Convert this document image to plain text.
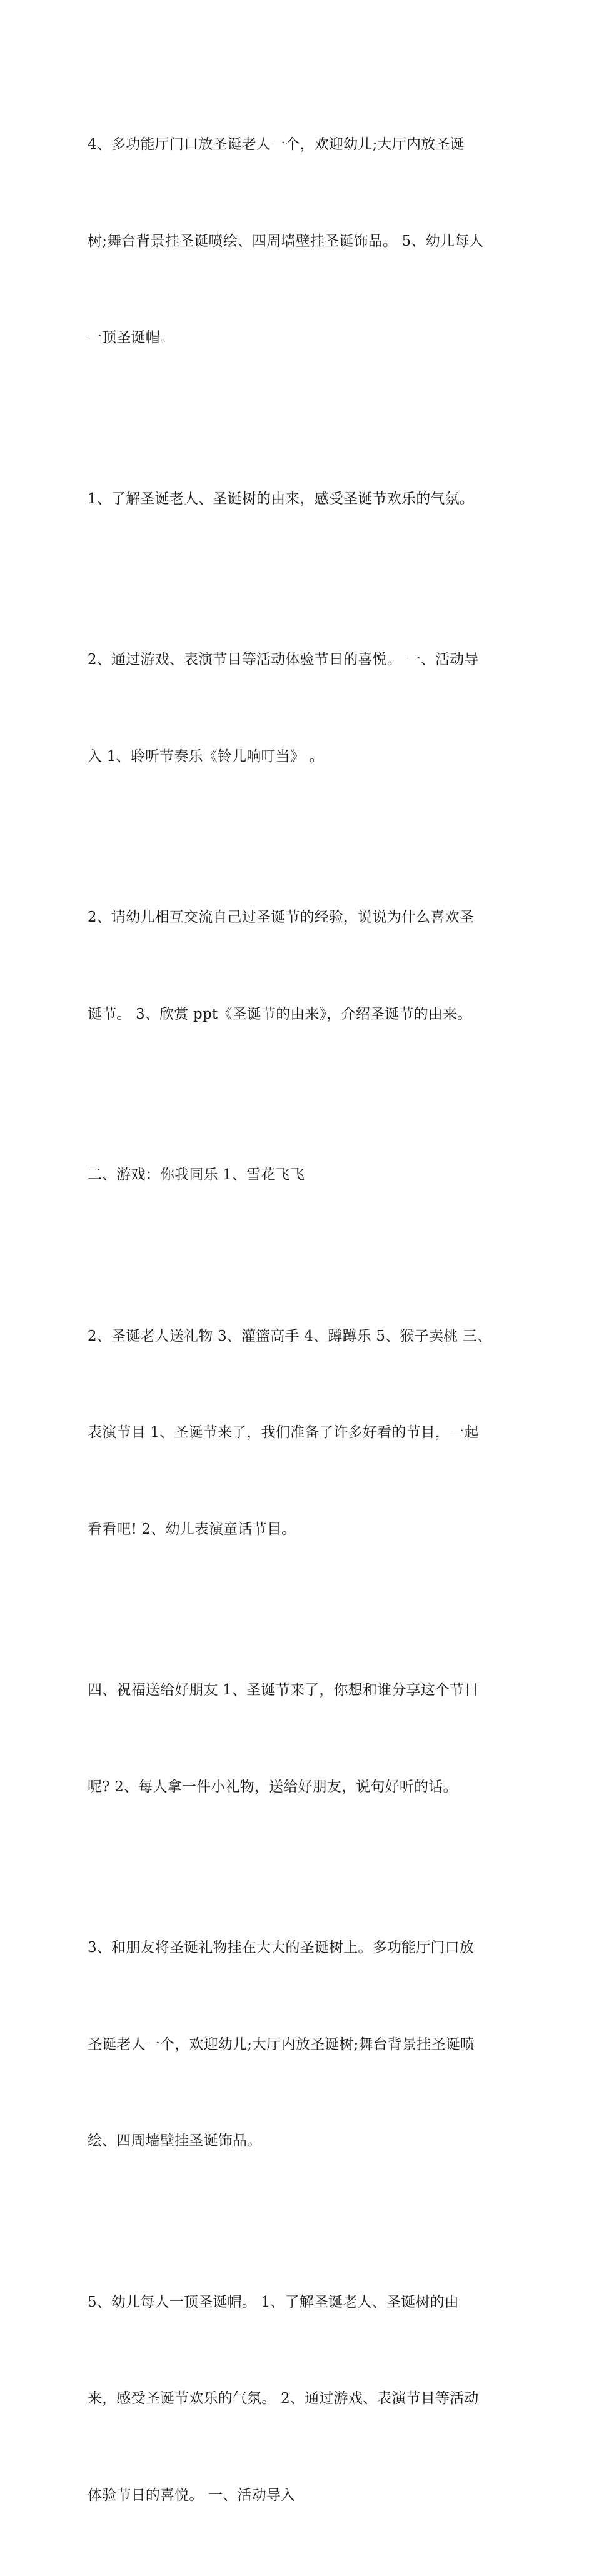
4、多功能厅门口放圣诞老人一个，欢迎幼儿;大厅内放圣诞

树;舞台背景挂圣诞喷绘、四周墙壁挂圣诞饰品。 5、幼儿每人

一顶圣诞帽。

1、了解圣诞老人、圣诞树的由来，感受圣诞节欢乐的气氛。

2、通过游戏、表演节目等活动体验节日的喜悦。 一、活动导

入 1、聆听节奏乐《铃儿响叮当》 。

2、请幼儿相互交流自己过圣诞节的经验，说说为什么喜欢圣

诞节。 3、欣赏 ppt《圣诞节的由来》，介绍圣诞节的由来。

二、游戏：你我同乐 1、雪花飞飞

2、圣诞老人送礼物 3、灌篮高手 4、蹲蹲乐 5、猴子卖桃 三、

表演节目 1、圣诞节来了，我们准备了许多好看的节目，一起

看看吧! 2、幼儿表演童话节目。

四、祝福送给好朋友 1、圣诞节来了，你想和谁分享这个节日

呢? 2、每人拿一件小礼物，送给好朋友，说句好听的话。

3、和朋友将圣诞礼物挂在大大的圣诞树上。多功能厅门口放

圣诞老人一个，欢迎幼儿;大厅内放圣诞树;舞台背景挂圣诞喷

绘、四周墙壁挂圣诞饰品。

5、幼儿每人一顶圣诞帽。 1、了解圣诞老人、圣诞树的由

来，感受圣诞节欢乐的气氛。 2、通过游戏、表演节目等活动

体验节日的喜悦。 一、活动导入
